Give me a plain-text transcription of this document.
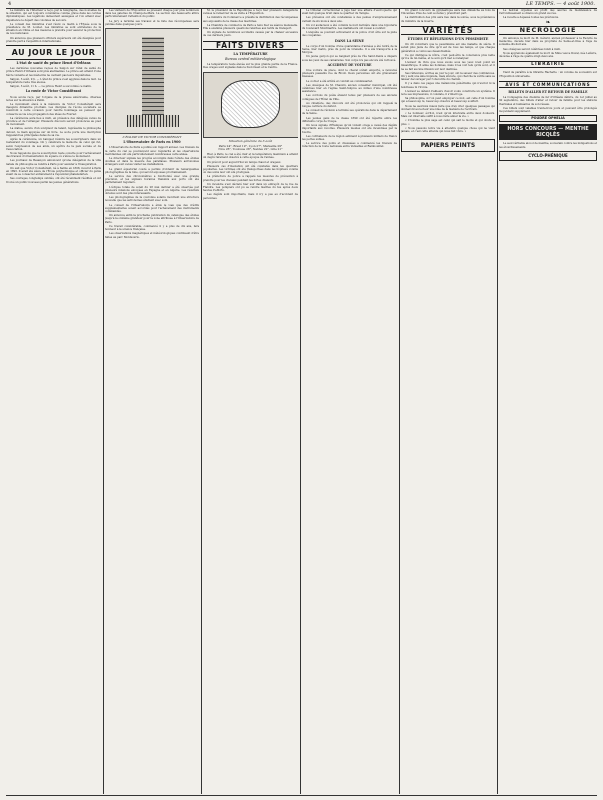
4	LE TEMPS. — 4 août 1900.

Le ministre de l'Intérieur a reçu, par le télégraphe, des nouvelles de la situation, qui est toujours considérée comme grave dans les cercles diplomatiques. Les légations demeurent assiégées et l'on attend avec impatience le départ des colonnes de secours.

Le conseil des ministres s'est réuni ce matin à l'Élysée sous la présidence de M. Loubet. Les ministres se sont entretenus de la situation en Chine et des mesures à prendre pour assurer la protection de nos nationaux.

On annonce que plusieurs officiers supérieurs ont été désignés pour prendre part à l'expédition internationale.

AU JOUR LE JOUR
L'état de santé du prince Henri d'Orléans

Les dernières nouvelles reçues de Saïgon sur l'état de santé du prince Henri d'Orléans sont plus alarmantes. Le prince est atteint d'une fièvre violente et les médecins ne cachent pas leurs inquiétudes.

Saïgon, 3 août, 9 h. — L'état du prince s'est aggravé dans la nuit. La température reste très élevée.

Saïgon, 3 août, 11 h. — Le prince Henri a succombé ce matin.

La route de Victor Considérant

Nous avons reçu, par l'organe de la presse américaine, diverses notes sur la situation à Pékin.

Le monument élevé à la mémoire de Victor Considérant sera inauguré dimanche prochain. Les disciples de l'école sociétaire se réuniront à cette occasion pour rendre hommage au penseur qui consacra sa vie à la propagation des idées de Fourier.

La cérémonie aura lieu à midi, en présence des délégués venus de province et de l'étranger. Plusieurs discours seront prononcés au pied du monument.

La statue, œuvre d'un sculpteur de talent, représente le philosophe debout, la main appuyée sur un livre. Le socle porte une inscription rappelant les principales dates de sa vie.

Après la cérémonie, un banquet réunira les souscripteurs dans un restaurant du voisinage. On y célébrera la mémoire de celui qui fut, selon l'expression de ses amis, un apôtre de la paix sociale et de l'association.

Nous rappelons que la souscription reste ouverte pour l'achèvement des travaux d'ornementation du square où s'élève le monument.

Les journaux de Besançon annoncent qu'une délégation de la ville natale du philosophe se rendra à Paris pour assister à l'inauguration.

On sait que Victor Considérant, né à Salins en 1808, mourut à Paris en 1893. Il avait été élève de l'École polytechnique et officier du génie avant de se consacrer entièrement à l'apostolat phalanstérien.

Ses ouvrages, longtemps oubliés, ont été récemment réédités et ont trouvé un public nouveau parmi les jeunes générations.

Les visiteurs de l'Exposition se pressent chaque jour plus nombreux dans les galeries du Champ-de-Mars. La section des beaux-arts attire particulièrement l'attention du public.

Le jury a terminé ses travaux et la liste des récompenses sera publiée dans quelques jours.

L'ÉGLISE DE VICTOR CONSIDÉRANT
L'Observatoire de Paris en 1900

L'Observatoire de Paris a publié son rapport annuel. Les travaux de la carte du ciel se poursuivent avec régularité et les observations méridiennes ont été particulièrement nombreuses cette année.

Le directeur signale les progrès accomplis dans l'étude des étoiles doubles et dans la mesure des parallaxes. Plusieurs astronomes étrangers sont venus visiter les installations.

Le grand équatorial coudé a permis d'obtenir de remarquables photographies de la lune, qui seront exposées prochainement.

Le service des chronomètres a fonctionné avec une grande précision, et les signaux horaires transmis aux ports ont été parfaitement réguliers.

L'éclipse totale de soleil du 28 mai dernier a été observée par plusieurs missions envoyées en Espagne et en Algérie. Les résultats obtenus sont des plus intéressants.

Les photographies de la couronne solaire montrent une structure nouvelle que les astronomes étudient avec soin.

Le conseil de l'Observatoire a émis le vœu que des crédits supplémentaires soient accordés pour l'achèvement des instruments commandés.

On annonce enfin la prochaine publication du catalogue des étoiles jusqu'à la onzième grandeur pour la zone attribuée à l'Observatoire de Paris.

Ce travail considérable, commencé il y a plus de dix ans, fera honneur à la science française.

Les observations magnétiques et météorologiques continuent d'être faites au parc Montsouris.

M. le président de la République a reçu hier plusieurs délégations venues le remercier de sa visite à l'Exposition.

Le ministre du Commerce a présidé la distribution des récompenses aux exposants de la classe des machines.

La Chambre de commerce de Paris a tenu hier sa séance mensuelle. Elle a examiné plusieurs questions relatives aux tarifs de transport.

On signale de nombreux accidents causés par la chaleur excessive de ces derniers jours.

FAITS DIVERS
LA TEMPÉRATURE
Bureau central météorologique

La température reste élevée sur la plus grande partie de la France. Des orages sont signalés dans le Sud-Ouest et le Centre.

Situation générale du 3 août
Paris 24°, Brest 19°, Lyon 27°, Marseille 29°
Nice 26°, Toulouse 28°, Nantes 22°, Lille 21°

Hier, à Paris, le ciel a été clair et la température maximum a atteint un degré rarement observé à cette époque de l'année.

On prévoit pour aujourd'hui un temps chaud et orageux.

Plusieurs cas d'insolation ont été constatés dans les quartiers populaires. Les victimes ont été transportées dans les hôpitaux voisins où des soins leur ont été prodigués.

La préfecture de police a rappelé les mesures de précaution à prendre pour les chevaux pendant les fortes chaleurs.

Un incendie s'est déclaré hier soir dans un entrepôt de la rue de Flandre. Les pompiers ont pu se rendre maîtres du feu après deux heures d'efforts.

Les dégâts sont importants, mais il n'y a pas eu d'accident de personnes.

Le tribunal correctionnel a jugé hier une affaire d'escroquerie qui avait fait quelque bruit dans le quartier du Temple.

Les prévenus ont été condamnés à des peines d'emprisonnement variant de six mois à deux ans.

Un vol audacieux a été commis la nuit dernière dans une bijouterie du boulevard Montmartre. Les malfaiteurs ont réussi à s'enfuir.

L'enquête se poursuit activement et la police croit être sur la piste des coupables.

DANS LA SEINE

Le corps d'un homme d'une quarantaine d'années a été retiré de la Seine, hier matin, près du pont de Grenelle. Il a été transporté à la Morgue.

Un jeune garçon qui se baignait près de l'île Saint-Denis a disparu sous les yeux de ses camarades. Son corps n'a pas encore été retrouvé.

ACCIDENT DE VOITURE

Une voiture de place, dont le cheval s'était emporté, a renversé plusieurs passants rue de Rivoli. Deux personnes ont été grièvement blessées.

Le cocher a été arrêté et conduit au commissariat.

Les obsèques de M. Chauvin, ancien conseiller municipal, ont été célébrées hier en l'église Saint-Sulpice au milieu d'une nombreuse assistance.

Les cordons du poêle étaient tenus par plusieurs de ses anciens collègues de l'Hôtel de Ville.

Au cimetière, des discours ont été prononcés qui ont rappelé la longue carrière du défunt.

Le conseil de révision a terminé ses opérations dans le département de la Seine.

Les jeunes gens de la classe 1899 ont été répartis entre les différents corps de troupe.

On nous signale d'Étampes qu'un violent orage a causé des dégâts importants aux récoltes. Plusieurs meules ont été incendiées par la foudre.

Les cultivateurs de la région estiment à plusieurs milliers de francs les pertes subies.

Le service des ponts et chaussées a commencé les travaux de réfection de la route nationale entre Versailles et Rambouillet.

Un grand concours de gymnastique aura lieu dimanche au bois de Vincennes. Plus de cent sociétés y prendront part.

La distribution des prix aura lieu dans la soirée, sous la présidence du ministre de la Guerre.

VARIÉTÉS
ÉTUDES ET RÉFLEXIONS D'UN PESSIMISTE

On dit volontiers que le pessimisme est une maladie du siècle. Il serait plus juste de dire qu'il est de tous les temps, et que chaque génération a connu ses désenchantés.

Ce qui distingue le nôtre, c'est peut-être la conscience plus nette qu'il a de lui-même, et le soin qu'il met à s'analyser.

L'auteur du livre que nous avons sous les yeux n'est point un misanthrope. Il aime les hommes, mais il les voit tels qu'ils sont, et il ne se fait aucune illusion sur leur destinée.

Ses réflexions, écrites au jour le jour, ont la saveur des confidences. On y sent une âme inquiète, mais sincère, qui cherche la vérité sans se laisser décourager par l'obscurité du chemin.

Il y a dans ces pages une mélancolie pénétrante qui n'exclut ni la tendresse ni l'ironie.

L'auteur se défend d'ailleurs d'avoir voulu construire un système. Il note ses impressions, il constate, il s'interroge.

Sa philosophie, si l'on peut employer ce mot, est celle d'un homme qui a beaucoup lu, beaucoup observé et beaucoup souffert.

Nous ne saurions mieux faire que d'en citer quelques passages qui donneront au lecteur une idée de la manière de l'écrivain.

« Le bonheur, écrit-il, n'est qu'un intervalle entre deux douleurs. Mais cet intervalle suffit à nous faire aimer la vie. »

« L'homme le plus sage est celui qui sait le moins et qui doute le plus. »

« Nous passons notre vie à attendre quelque chose qui ne vient jamais, et c'est cette attente qui nous fait vivre. »

PAPIERS PEINTS

Le festival organisé au profit des œuvres de bienfaisance de l'arrondissement a obtenu un grand succès.

La recette a dépassé toutes les prévisions.

❧
NÉCROLOGIE

On annonce la mort de M. Gérard, ancien professeur à la Faculté de médecine, décédé hier dans sa propriété de Seine-et-Oise à l'âge de soixante-dix-huit ans.

Ses obsèques seront célébrées lundi à midi.

Nous apprenons également la mort de Mme veuve Duval, née Lefèvre, décédée à l'âge de quatre-vingt-deux ans.

LIBRAIRIE

Vient de paraître à la librairie Hachette : un volume de souvenirs sur l'Exposition universelle.

AVIS ET COMMUNICATIONS
BILLETS D'ALLER ET RETOUR DE FAMILLE

La Compagnie des chemins de fer d'Orléans délivre, du 1er juillet au 30 septembre, des billets d'aller et retour de famille pour les stations thermales et balnéaires de son réseau.

Ces billets sont valables trente-trois jours et peuvent être prolongés moyennant supplément.

POUDRE OPHELIA
HORS CONCOURS — MENTHE RICQLÈS

Le seul véritable alcool de menthe, souverain contre les indigestions et les étourdissements.

CYCLO-PHÉNIQUE
